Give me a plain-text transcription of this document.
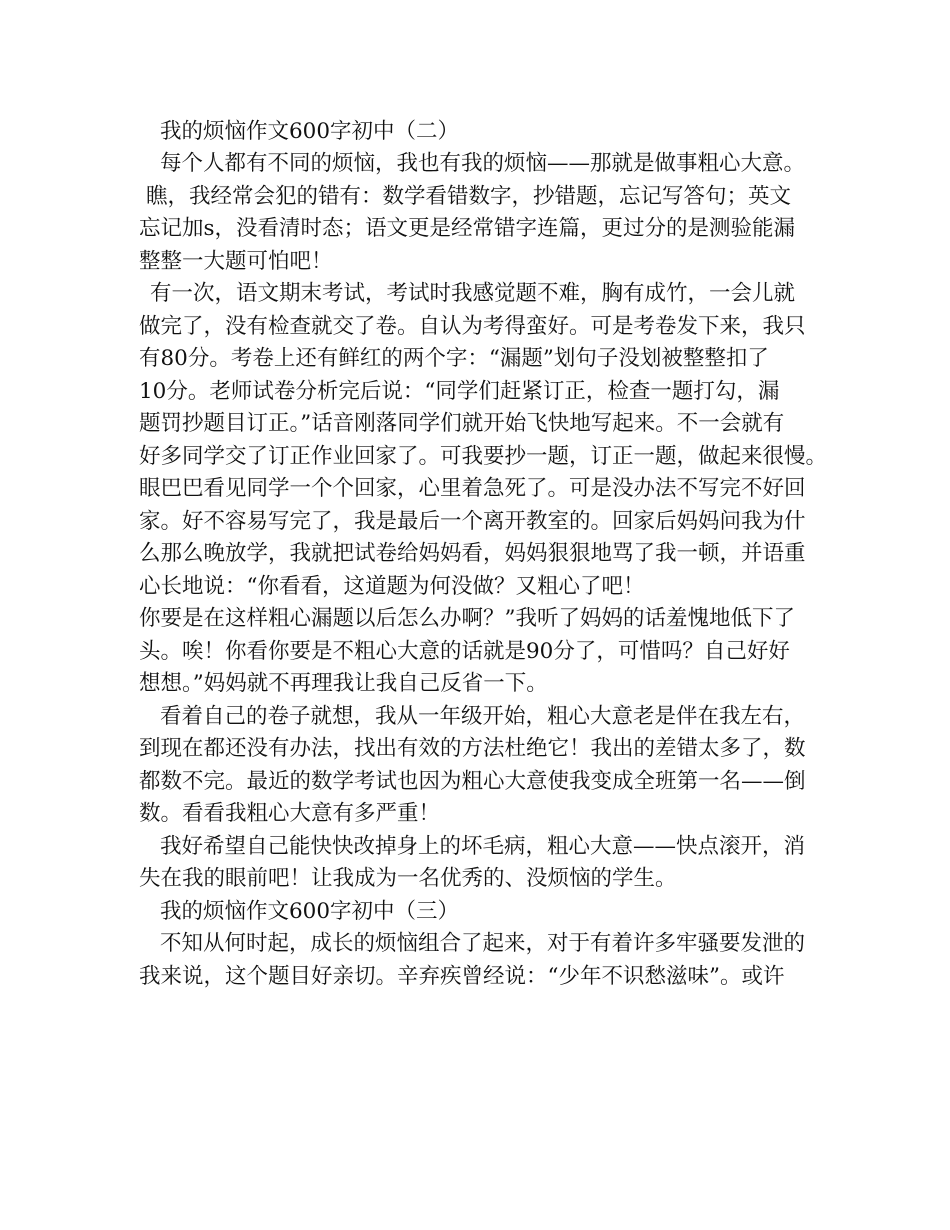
我的烦恼作文600字初中（二）
每个人都有不同的烦恼，我也有我的烦恼——那就是做事粗心大意。
瞧，我经常会犯的错有：数学看错数字，抄错题，忘记写答句；英文
忘记加s，没看清时态；语文更是经常错字连篇，更过分的是测验能漏
整整一大题可怕吧！
有一次，语文期末考试，考试时我感觉题不难，胸有成竹，一会儿就
做完了，没有检查就交了卷。自认为考得蛮好。可是考卷发下来，我只
有80分。考卷上还有鲜红的两个字：“漏题”划句子没划被整整扣了
10分。老师试卷分析完后说：“同学们赶紧订正，检查一题打勾，漏
题罚抄题目订正。”话音刚落同学们就开始飞快地写起来。不一会就有
好多同学交了订正作业回家了。可我要抄一题，订正一题，做起来很慢。
眼巴巴看见同学一个个回家，心里着急死了。可是没办法不写完不好回
家。好不容易写完了，我是最后一个离开教室的。回家后妈妈问我为什
么那么晚放学，我就把试卷给妈妈看，妈妈狠狠地骂了我一顿，并语重
心长地说：“你看看，这道题为何没做？又粗心了吧！
你要是在这样粗心漏题以后怎么办啊？”我听了妈妈的话羞愧地低下了
头。唉！你看你要是不粗心大意的话就是90分了，可惜吗？自己好好
想想。”妈妈就不再理我让我自己反省一下。
看着自己的卷子就想，我从一年级开始，粗心大意老是伴在我左右，
到现在都还没有办法，找出有效的方法杜绝它！我出的差错太多了，数
都数不完。最近的数学考试也因为粗心大意使我变成全班第一名——倒
数。看看我粗心大意有多严重！
我好希望自己能快快改掉身上的坏毛病，粗心大意——快点滚开，消
失在我的眼前吧！让我成为一名优秀的、没烦恼的学生。
我的烦恼作文600字初中（三）
不知从何时起，成长的烦恼组合了起来，对于有着许多牢骚要发泄的
我来说，这个题目好亲切。辛弃疾曾经说：“少年不识愁滋味”。或许
